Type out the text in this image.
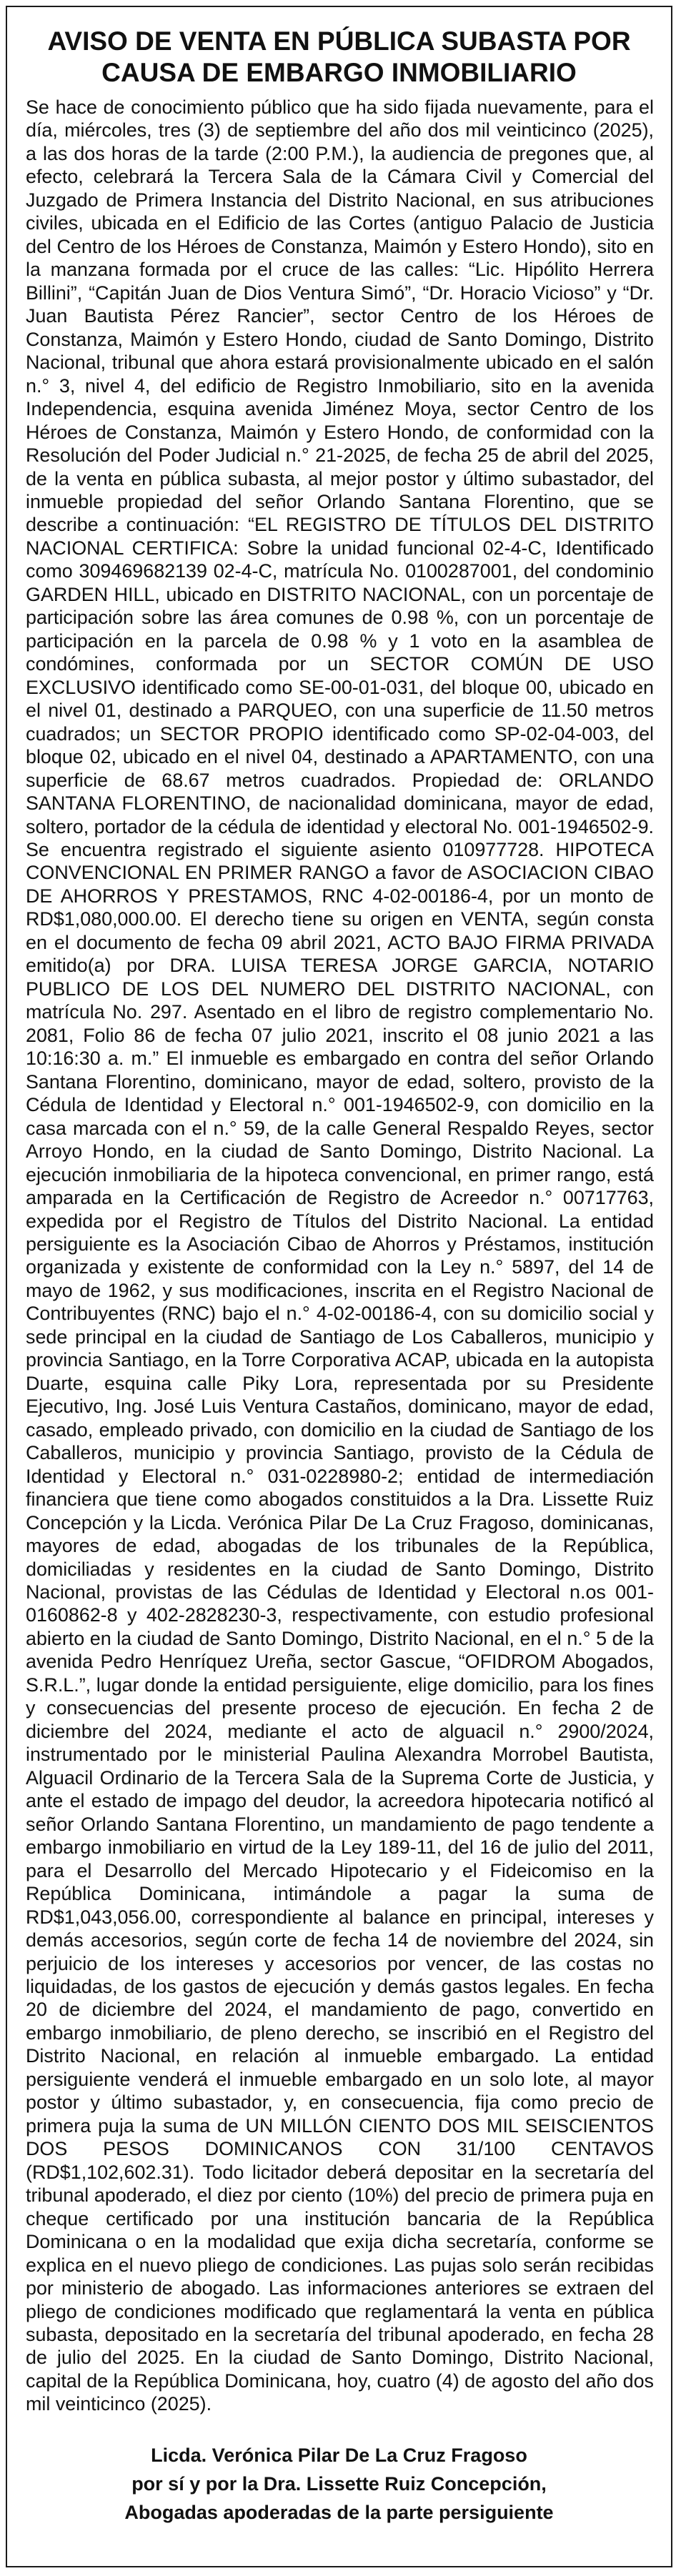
AVISO DE VENTA EN PÚBLICA SUBASTA POR
CAUSA DE EMBARGO INMOBILIARIO

Se hace de conocimiento público que ha sido fijada nuevamente, para el día, miércoles, tres (3) de septiembre del año dos mil veinticinco (2025), a las dos horas de la tarde (2:00 P.M.), la audiencia de pregones que, al efecto, celebrará la Tercera Sala de la Cámara Civil y Comercial del Juzgado de Primera Instancia del Distrito Nacional, en sus atribuciones civiles, ubicada en el Edificio de las Cortes (antiguo Palacio de Justicia del Centro de los Héroes de Constanza, Maimón y Estero Hondo), sito en la manzana formada por el cruce de las calles: “Lic. Hipólito Herrera Billini”, “Capitán Juan de Dios Ventura Simó”, “Dr. Horacio Vicioso” y “Dr. Juan Bautista Pérez Rancier”, sector Centro de los Héroes de Constanza, Maimón y Estero Hondo, ciudad de Santo Domingo, Distrito Nacional, tribunal que ahora estará provisionalmente ubicado en el salón n.° 3, nivel 4, del edificio de Registro Inmobiliario, sito en la avenida Independencia, esquina avenida Jiménez Moya, sector Centro de los Héroes de Constanza, Maimón y Estero Hondo, de conformidad con la Resolución del Poder Judicial n.° 21-2025, de fecha 25 de abril del 2025, de la venta en pública subasta, al mejor postor y último subastador, del inmueble propiedad del señor Orlando Santana Florentino, que se describe a continuación: “EL REGISTRO DE TÍTULOS DEL DISTRITO NACIONAL CERTIFICA: Sobre la unidad funcional 02-4-C, Identificado como 309469682139 02-4-C, matrícula No. 0100287001, del condominio GARDEN HILL, ubicado en DISTRITO NACIONAL, con un porcentaje de participación sobre las área comunes de 0.98 %, con un porcentaje de participación en la parcela de 0.98 % y 1 voto en la asamblea de condómines, conformada por un SECTOR COMÚN DE USO EXCLUSIVO identificado como SE-00-01-031, del bloque 00, ubicado en el nivel 01, destinado a PARQUEO, con una superficie de 11.50 metros cuadrados; un SECTOR PROPIO identificado como SP-02-04-003, del bloque 02, ubicado en el nivel 04, destinado a APARTAMENTO, con una superficie de 68.67 metros cuadrados. Propiedad de: ORLANDO SANTANA FLORENTINO, de nacionalidad dominicana, mayor de edad, soltero, portador de la cédula de identidad y electoral No. 001-1946502-9. Se encuentra registrado el siguiente asiento 010977728. HIPOTECA CONVENCIONAL EN PRIMER RANGO a favor de ASOCIACION CIBAO DE AHORROS Y PRESTAMOS, RNC 4-02-00186-4, por un monto de RD$1,080,000.00. El derecho tiene su origen en VENTA, según consta en el documento de fecha 09 abril 2021, ACTO BAJO FIRMA PRIVADA emitido(a) por DRA. LUISA TERESA JORGE GARCIA, NOTARIO PUBLICO DE LOS DEL NUMERO DEL DISTRITO NACIONAL, con matrícula No. 297. Asentado en el libro de registro complementario No. 2081, Folio 86 de fecha 07 julio 2021, inscrito el 08 junio 2021 a las 10:16:30 a. m.” El inmueble es embargado en contra del señor Orlando Santana Florentino, dominicano, mayor de edad, soltero, provisto de la Cédula de Identidad y Electoral n.° 001-1946502-9, con domicilio en la casa marcada con el n.° 59, de la calle General Respaldo Reyes, sector Arroyo Hondo, en la ciudad de Santo Domingo, Distrito Nacional. La ejecución inmobiliaria de la hipoteca convencional, en primer rango, está amparada en la Certificación de Registro de Acreedor n.° 00717763, expedida por el Registro de Títulos del Distrito Nacional. La entidad persiguiente es la Asociación Cibao de Ahorros y Préstamos, institución organizada y existente de conformidad con la Ley n.° 5897, del 14 de mayo de 1962, y sus modificaciones, inscrita en el Registro Nacional de Contribuyentes (RNC) bajo el n.° 4-02-00186-4, con su domicilio social y sede principal en la ciudad de Santiago de Los Caballeros, municipio y provincia Santiago, en la Torre Corporativa ACAP, ubicada en la autopista Duarte, esquina calle Piky Lora, representada por su Presidente Ejecutivo, Ing. José Luis Ventura Castaños, dominicano, mayor de edad, casado, empleado privado, con domicilio en la ciudad de Santiago de los Caballeros, municipio y provincia Santiago, provisto de la Cédula de Identidad y Electoral n.° 031-0228980-2; entidad de intermediación financiera que tiene como abogados constituidos a la Dra. Lissette Ruiz Concepción y la Licda. Verónica Pilar De La Cruz Fragoso, dominicanas, mayores de edad, abogadas de los tribunales de la República, domiciliadas y residentes en la ciudad de Santo Domingo, Distrito Nacional, provistas de las Cédulas de Identidad y Electoral n.os 001-0160862-8 y 402-2828230-3, respectivamente, con estudio profesional abierto en la ciudad de Santo Domingo, Distrito Nacional, en el n.° 5 de la avenida Pedro Henríquez Ureña, sector Gascue, “OFIDROM Abogados, S.R.L.”, lugar donde la entidad persiguiente, elige domicilio, para los fines y consecuencias del presente proceso de ejecución. En fecha 2 de diciembre del 2024, mediante el acto de alguacil n.° 2900/2024, instrumentado por le ministerial Paulina Alexandra Morrobel Bautista, Alguacil Ordinario de la Tercera Sala de la Suprema Corte de Justicia, y ante el estado de impago del deudor, la acreedora hipotecaria notificó al señor Orlando Santana Florentino, un mandamiento de pago tendente a embargo inmobiliario en virtud de la Ley 189-11, del 16 de julio del 2011, para el Desarrollo del Mercado Hipotecario y el Fideicomiso en la República Dominicana, intimándole a pagar la suma de RD$1,043,056.00, correspondiente al balance en principal, intereses y demás accesorios, según corte de fecha 14 de noviembre del 2024, sin perjuicio de los intereses y accesorios por vencer, de las costas no liquidadas, de los gastos de ejecución y demás gastos legales. En fecha 20 de diciembre del 2024, el mandamiento de pago, convertido en embargo inmobiliario, de pleno derecho, se inscribió en el Registro del Distrito Nacional, en relación al inmueble embargado. La entidad persiguiente venderá el inmueble embargado en un solo lote, al mayor postor y último subastador, y, en consecuencia, fija como precio de primera puja la suma de UN MILLÓN CIENTO DOS MIL SEISCIENTOS DOS PESOS DOMINICANOS CON 31/100 CENTAVOS (RD$1,102,602.31). Todo licitador deberá depositar en la secretaría del tribunal apoderado, el diez por ciento (10%) del precio de primera puja en cheque certificado por una institución bancaria de la República Dominicana o en la modalidad que exija dicha secretaría, conforme se explica en el nuevo pliego de condiciones. Las pujas solo serán recibidas por ministerio de abogado. Las informaciones anteriores se extraen del pliego de condiciones modificado que reglamentará la venta en pública subasta, depositado en la secretaría del tribunal apoderado, en fecha 28 de julio del 2025. En la ciudad de Santo Domingo, Distrito Nacional, capital de la República Dominicana, hoy, cuatro (4) de agosto del año dos mil veinticinco (2025).

Licda. Verónica Pilar De La Cruz Fragoso
por sí y por la Dra. Lissette Ruiz Concepción,
Abogadas apoderadas de la parte persiguiente
